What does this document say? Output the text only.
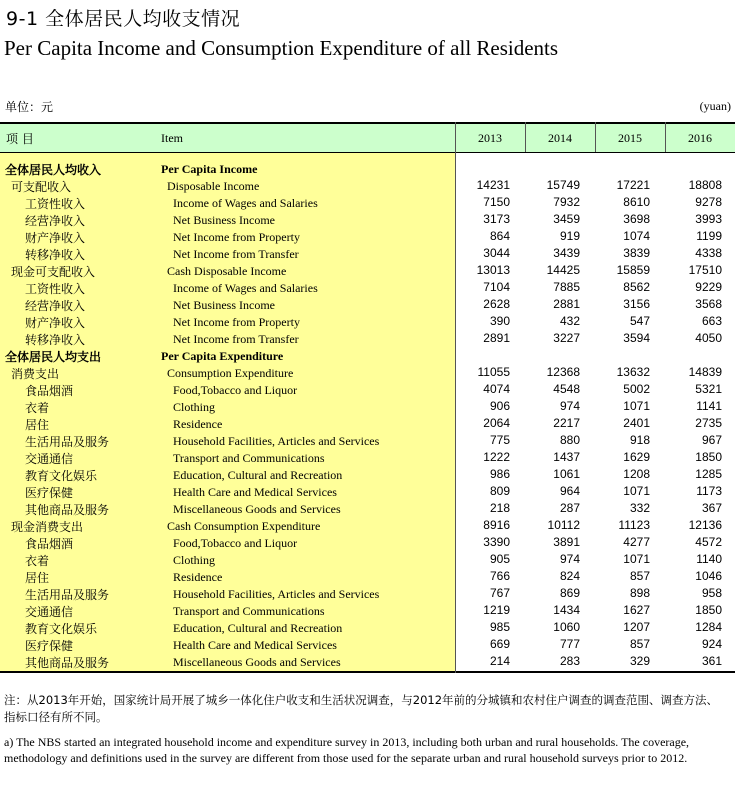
9-1 全体居民人均收支情况
Per Capita Income and Consumption Expenditure of all Residents
单位：元	(yuan)
项 目	Item	2013	2014	2015	2016
全体居民人均收入	Per Capita Income
可支配收入	Disposable Income	14231	15749	17221	18808
工资性收入	Income of Wages and Salaries	7150	7932	8610	9278
经营净收入	Net Business Income	3173	3459	3698	3993
财产净收入	Net Income from Property	864	919	1074	1199
转移净收入	Net Income from Transfer	3044	3439	3839	4338
现金可支配收入	Cash Disposable Income	13013	14425	15859	17510
工资性收入	Income of Wages and Salaries	7104	7885	8562	9229
经营净收入	Net Business Income	2628	2881	3156	3568
财产净收入	Net Income from Property	390	432	547	663
转移净收入	Net Income from Transfer	2891	3227	3594	4050
全体居民人均支出	Per Capita Expenditure
消费支出	Consumption Expenditure	11055	12368	13632	14839
食品烟酒	Food,Tobacco and Liquor	4074	4548	5002	5321
衣着	Clothing	906	974	1071	1141
居住	Residence	2064	2217	2401	2735
生活用品及服务	Household Facilities, Articles and Services	775	880	918	967
交通通信	Transport and Communications	1222	1437	1629	1850
教育文化娱乐	Education, Cultural and Recreation	986	1061	1208	1285
医疗保健	Health Care and Medical Services	809	964	1071	1173
其他商品及服务	Miscellaneous Goods and Services	218	287	332	367
现金消费支出	Cash Consumption Expenditure	8916	10112	11123	12136
食品烟酒	Food,Tobacco and Liquor	3390	3891	4277	4572
衣着	Clothing	905	974	1071	1140
居住	Residence	766	824	857	1046
生活用品及服务	Household Facilities, Articles and Services	767	869	898	958
交通通信	Transport and Communications	1219	1434	1627	1850
教育文化娱乐	Education, Cultural and Recreation	985	1060	1207	1284
医疗保健	Health Care and Medical Services	669	777	857	924
其他商品及服务	Miscellaneous Goods and Services	214	283	329	361
注：从2013年开始，国家统计局开展了城乡一体化住户收支和生活状况调查，与2012年前的分城镇和农村住户调查的调查范围、调查方法、指标口径有所不同。
a) The NBS started an integrated household income and expenditure survey in 2013, including both urban and rural households. The coverage, methodology and definitions used in the survey are different from those used for the separate urban and rural household surveys prior to 2012.
